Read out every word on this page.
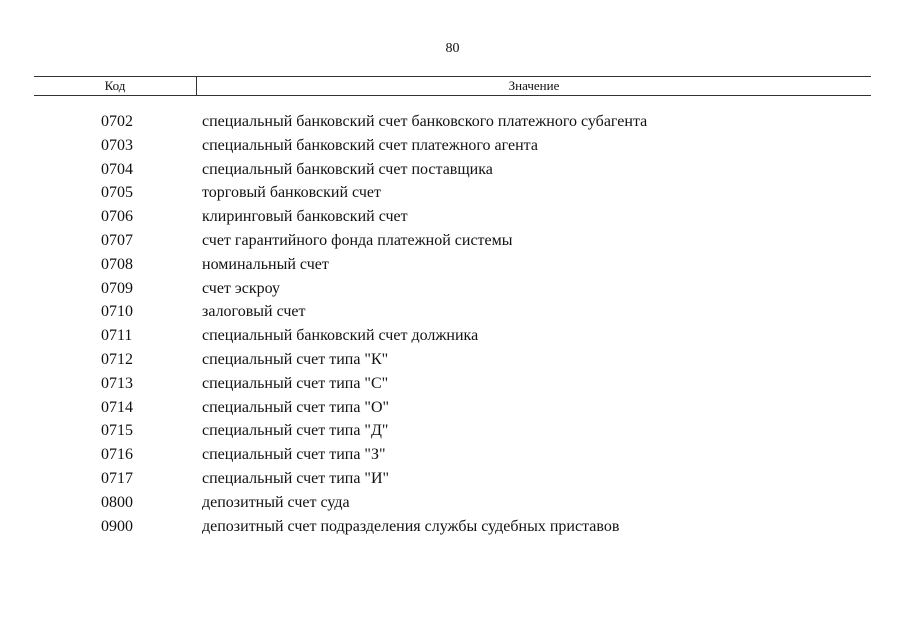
80
Код	Значение
0702	специальный банковский счет банковского платежного субагента
0703	специальный банковский счет платежного агента
0704	специальный банковский счет поставщика
0705	торговый банковский счет
0706	клиринговый банковский счет
0707	счет гарантийного фонда платежной системы
0708	номинальный счет
0709	счет эскроу
0710	залоговый счет
0711	специальный банковский счет должника
0712	специальный счет типа "К"
0713	специальный счет типа "С"
0714	специальный счет типа "О"
0715	специальный счет типа "Д"
0716	специальный счет типа "З"
0717	специальный счет типа "И"
0800	депозитный счет суда
0900	депозитный счет подразделения службы судебных приставов
